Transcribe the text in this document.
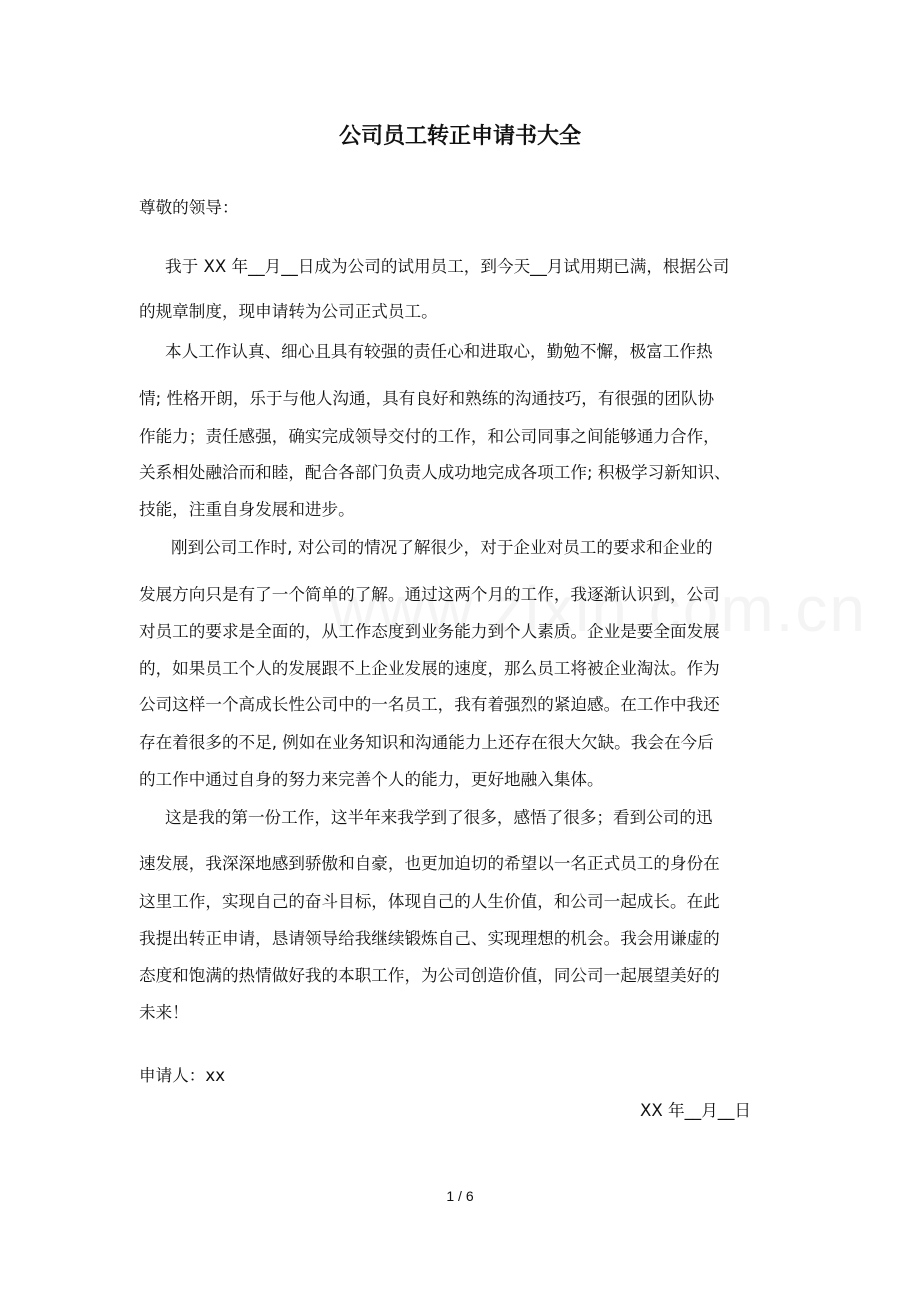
公司员工转正申请书大全
尊敬的领导：
我于 XX 年__月__日成为公司的试用员工，到今天__月试用期已满，根据公司
的规章制度，现申请转为公司正式员工。
本人工作认真、细心且具有较强的责任心和进取心，勤勉不懈，极富工作热
情; 性格开朗，乐于与他人沟通，具有良好和熟练的沟通技巧，有很强的团队协
作能力；责任感强，确实完成领导交付的工作，和公司同事之间能够通力合作，
关系相处融洽而和睦，配合各部门负责人成功地完成各项工作; 积极学习新知识、
技能，注重自身发展和进步。
刚到公司工作时, 对公司的情况了解很少，对于企业对员工的要求和企业的
发展方向只是有了一个简单的了解。通过这两个月的工作，我逐渐认识到，公司
对员工的要求是全面的，从工作态度到业务能力到个人素质。企业是要全面发展
的，如果员工个人的发展跟不上企业发展的速度，那么员工将被企业淘汰。作为
公司这样一个高成长性公司中的一名员工，我有着强烈的紧迫感。在工作中我还
存在着很多的不足, 例如在业务知识和沟通能力上还存在很大欠缺。我会在今后
的工作中通过自身的努力来完善个人的能力，更好地融入集体。
这是我的第一份工作，这半年来我学到了很多，感悟了很多；看到公司的迅
速发展，我深深地感到骄傲和自豪，也更加迫切的希望以一名正式员工的身份在
这里工作，实现自己的奋斗目标，体现自己的人生价值，和公司一起成长。在此
我提出转正申请，恳请领导给我继续锻炼自己、实现理想的机会。我会用谦虚的
态度和饱满的热情做好我的本职工作，为公司创造价值，同公司一起展望美好的
未来！
申请人：xx
XX 年__月__日
1 / 6
